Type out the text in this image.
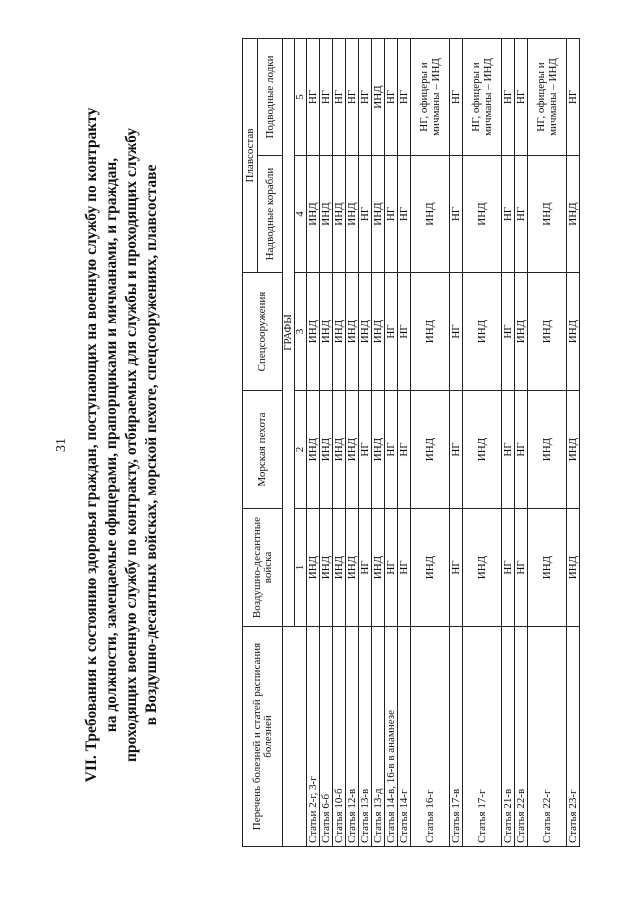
31 VII. Требования к состоянию здоровья граждан, поступающих на военную службу по контракту на должности, замещаемые офицерами, прапорщиками и мичманами, и граждан, проходящих военную службу по контракту, отбираемых для службы и проходящих службу в Воздушно-десантных войсках, морской пехоте, спецсооружениях, плавсоставе
Перечень болезней и статей расписания болезней	Воздушно-десантные войска	Морская пехота	Спецсооружения	Плавсостав	
				Надводные корабли	Подводные лодки
	ГРАФЫ				
	1	2	3	4	5
Статьи 2-г, 3-г	ИНД	ИНД	ИНД	ИНД	НГ
Статья 6-б	ИНД	ИНД	ИНД	ИНД	НГ
Статья 10-б	ИНД	ИНД	ИНД	ИНД	НГ
Статья 12-в	ИНД	ИНД	ИНД	ИНД	НГ
Статья 13-в	НГ	НГ	ИНД	НГ	НГ
Статья 13-д	ИНД	ИНД	ИНД	ИНД	ИНД
Статья 14-в, 16-в в анамнезе	НГ	НГ	НГ	НГ	НГ
Статья 14-г	НГ	НГ	НГ	НГ	НГ
Статья 16-г	ИНД	ИНД	ИНД	ИНД	НГ, офицеры и мичманы – ИНД
Статья 17-в	НГ	НГ	НГ	НГ	НГ
Статья 17-г	ИНД	ИНД	ИНД	ИНД	НГ, офицеры и мичманы – ИНД
Статья 21-в	НГ	НГ	НГ	НГ	НГ
Статья 22-в	НГ	НГ	ИНД	НГ	НГ
Статья 22-г	ИНД	ИНД	ИНД	ИНД	НГ, офицеры и мичманы – ИНД
Статья 23-г	ИНД	ИНД	ИНД	ИНД	НГ
